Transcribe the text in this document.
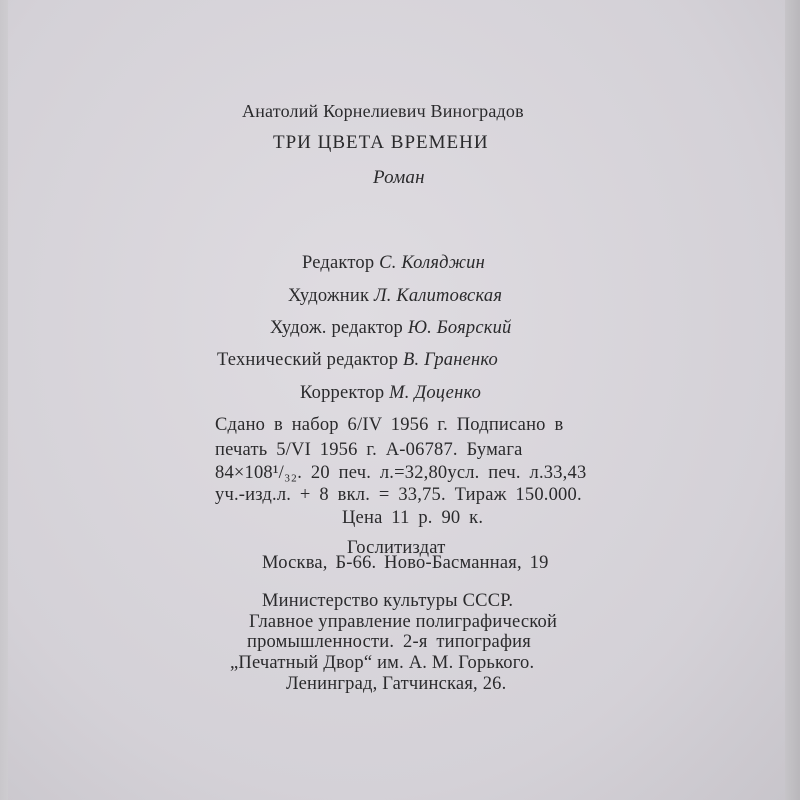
Анатолий Корнелиевич Виноградов
ТРИ ЦВЕТА ВРЕМЕНИ
Роман
Редактор С. Коляджин
Художник Л. Калитовская
Худож. редактор Ю. Боярский
Технический редактор В. Граненко
Корректор М. Доценко
Сдано в набор 6/IV 1956 г. Подписано в
печать 5/VI 1956 г. А-06787. Бумага
84×108¹/₃₂. 20 печ. л.=32,80усл. печ. л.33,43
уч.-изд.л. + 8 вкл. = 33,75. Тираж 150.000.
Цена 11 р. 90 к.
Гослитиздат
Москва, Б-66. Ново-Басманная, 19
Министерство культуры СССР.
Главное управление полиграфической
промышленности. 2-я типография
„Печатный Двор“ им. А. М. Горького.
Ленинград, Гатчинская, 26.
